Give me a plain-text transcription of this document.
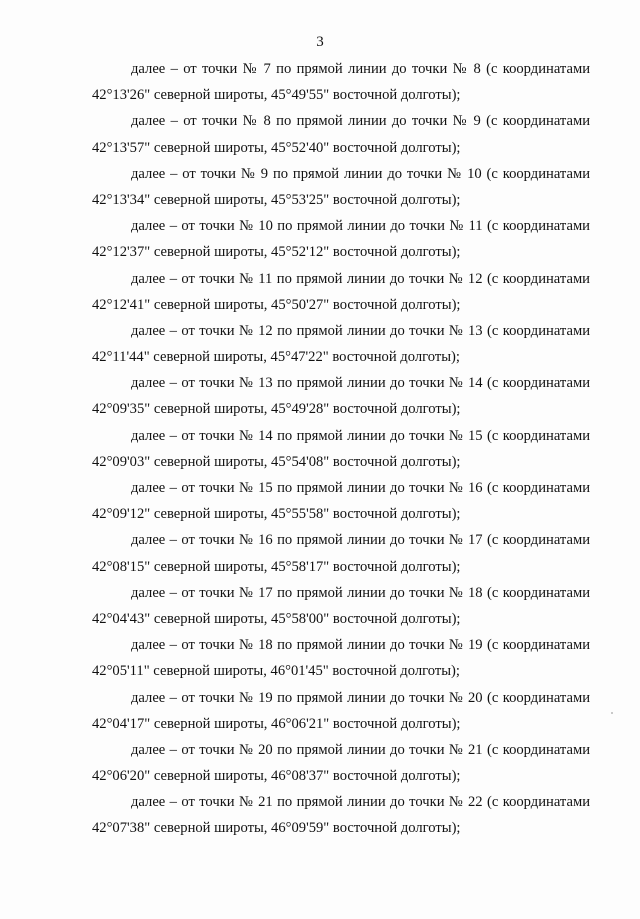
3
далее – от точки № 7 по прямой линии до точки № 8 (с координатами
42°13'26" северной широты, 45°49'55" восточной долготы);
далее – от точки № 8 по прямой линии до точки № 9 (с координатами
42°13'57" северной широты, 45°52'40" восточной долготы);
далее – от точки № 9 по прямой линии до точки № 10 (с координатами
42°13'34" северной широты, 45°53'25" восточной долготы);
далее – от точки № 10 по прямой линии до точки № 11 (с координатами
42°12'37" северной широты, 45°52'12" восточной долготы);
далее – от точки № 11 по прямой линии до точки № 12 (с координатами
42°12'41" северной широты, 45°50'27" восточной долготы);
далее – от точки № 12 по прямой линии до точки № 13 (с координатами
42°11'44" северной широты, 45°47'22" восточной долготы);
далее – от точки № 13 по прямой линии до точки № 14 (с координатами
42°09'35" северной широты, 45°49'28" восточной долготы);
далее – от точки № 14 по прямой линии до точки № 15 (с координатами
42°09'03" северной широты, 45°54'08" восточной долготы);
далее – от точки № 15 по прямой линии до точки № 16 (с координатами
42°09'12" северной широты, 45°55'58" восточной долготы);
далее – от точки № 16 по прямой линии до точки № 17 (с координатами
42°08'15" северной широты, 45°58'17" восточной долготы);
далее – от точки № 17 по прямой линии до точки № 18 (с координатами
42°04'43" северной широты, 45°58'00" восточной долготы);
далее – от точки № 18 по прямой линии до точки № 19 (с координатами
42°05'11" северной широты, 46°01'45" восточной долготы);
далее – от точки № 19 по прямой линии до точки № 20 (с координатами
42°04'17" северной широты, 46°06'21" восточной долготы);
далее – от точки № 20 по прямой линии до точки № 21 (с координатами
42°06'20" северной широты, 46°08'37" восточной долготы);
далее – от точки № 21 по прямой линии до точки № 22 (с координатами
42°07'38" северной широты, 46°09'59" восточной долготы);
